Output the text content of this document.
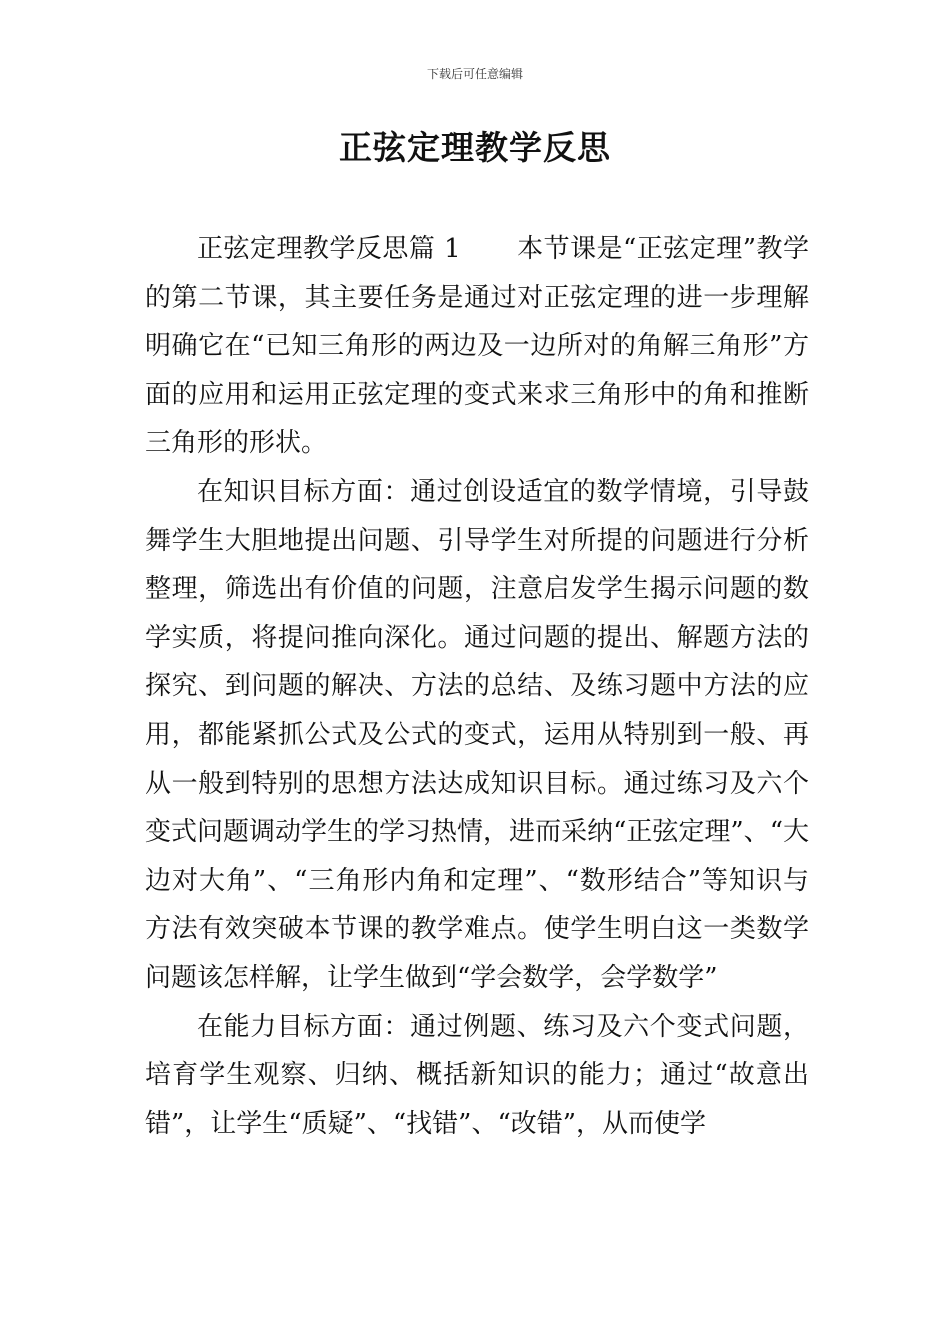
下载后可任意编辑
正弦定理教学反思

正弦定理教学反思篇 1 本节课是“正弦定理”教学的第二节课，其主要任务是通过对正弦定理的进一步理解明确它在“已知三角形的两边及一边所对的角解三角形”方面的应用和运用正弦定理的变式来求三角形中的角和推断三角形的形状。

在知识目标方面：通过创设适宜的数学情境，引导鼓舞学生大胆地提出问题、引导学生对所提的问题进行分析整理，筛选出有价值的问题，注意启发学生揭示问题的数学实质，将提问推向深化。通过问题的提出、解题方法的探究、到问题的解决、方法的总结、及练习题中方法的应用，都能紧抓公式及公式的变式，运用从特别到一般、再从一般到特别的思想方法达成知识目标。通过练习及六个变式问题调动学生的学习热情，进而采纳“正弦定理”、“大边对大角”、“三角形内角和定理”、“数形结合”等知识与方法有效突破本节课的教学难点。使学生明白这一类数学问题该怎样解，让学生做到“学会数学，会学数学”

在能力目标方面：通过例题、练习及六个变式问题，培育学生观察、归纳、概括新知识的能力；通过“故意出错”，让学生“质疑”、“找错”、“改错”，从而使学
